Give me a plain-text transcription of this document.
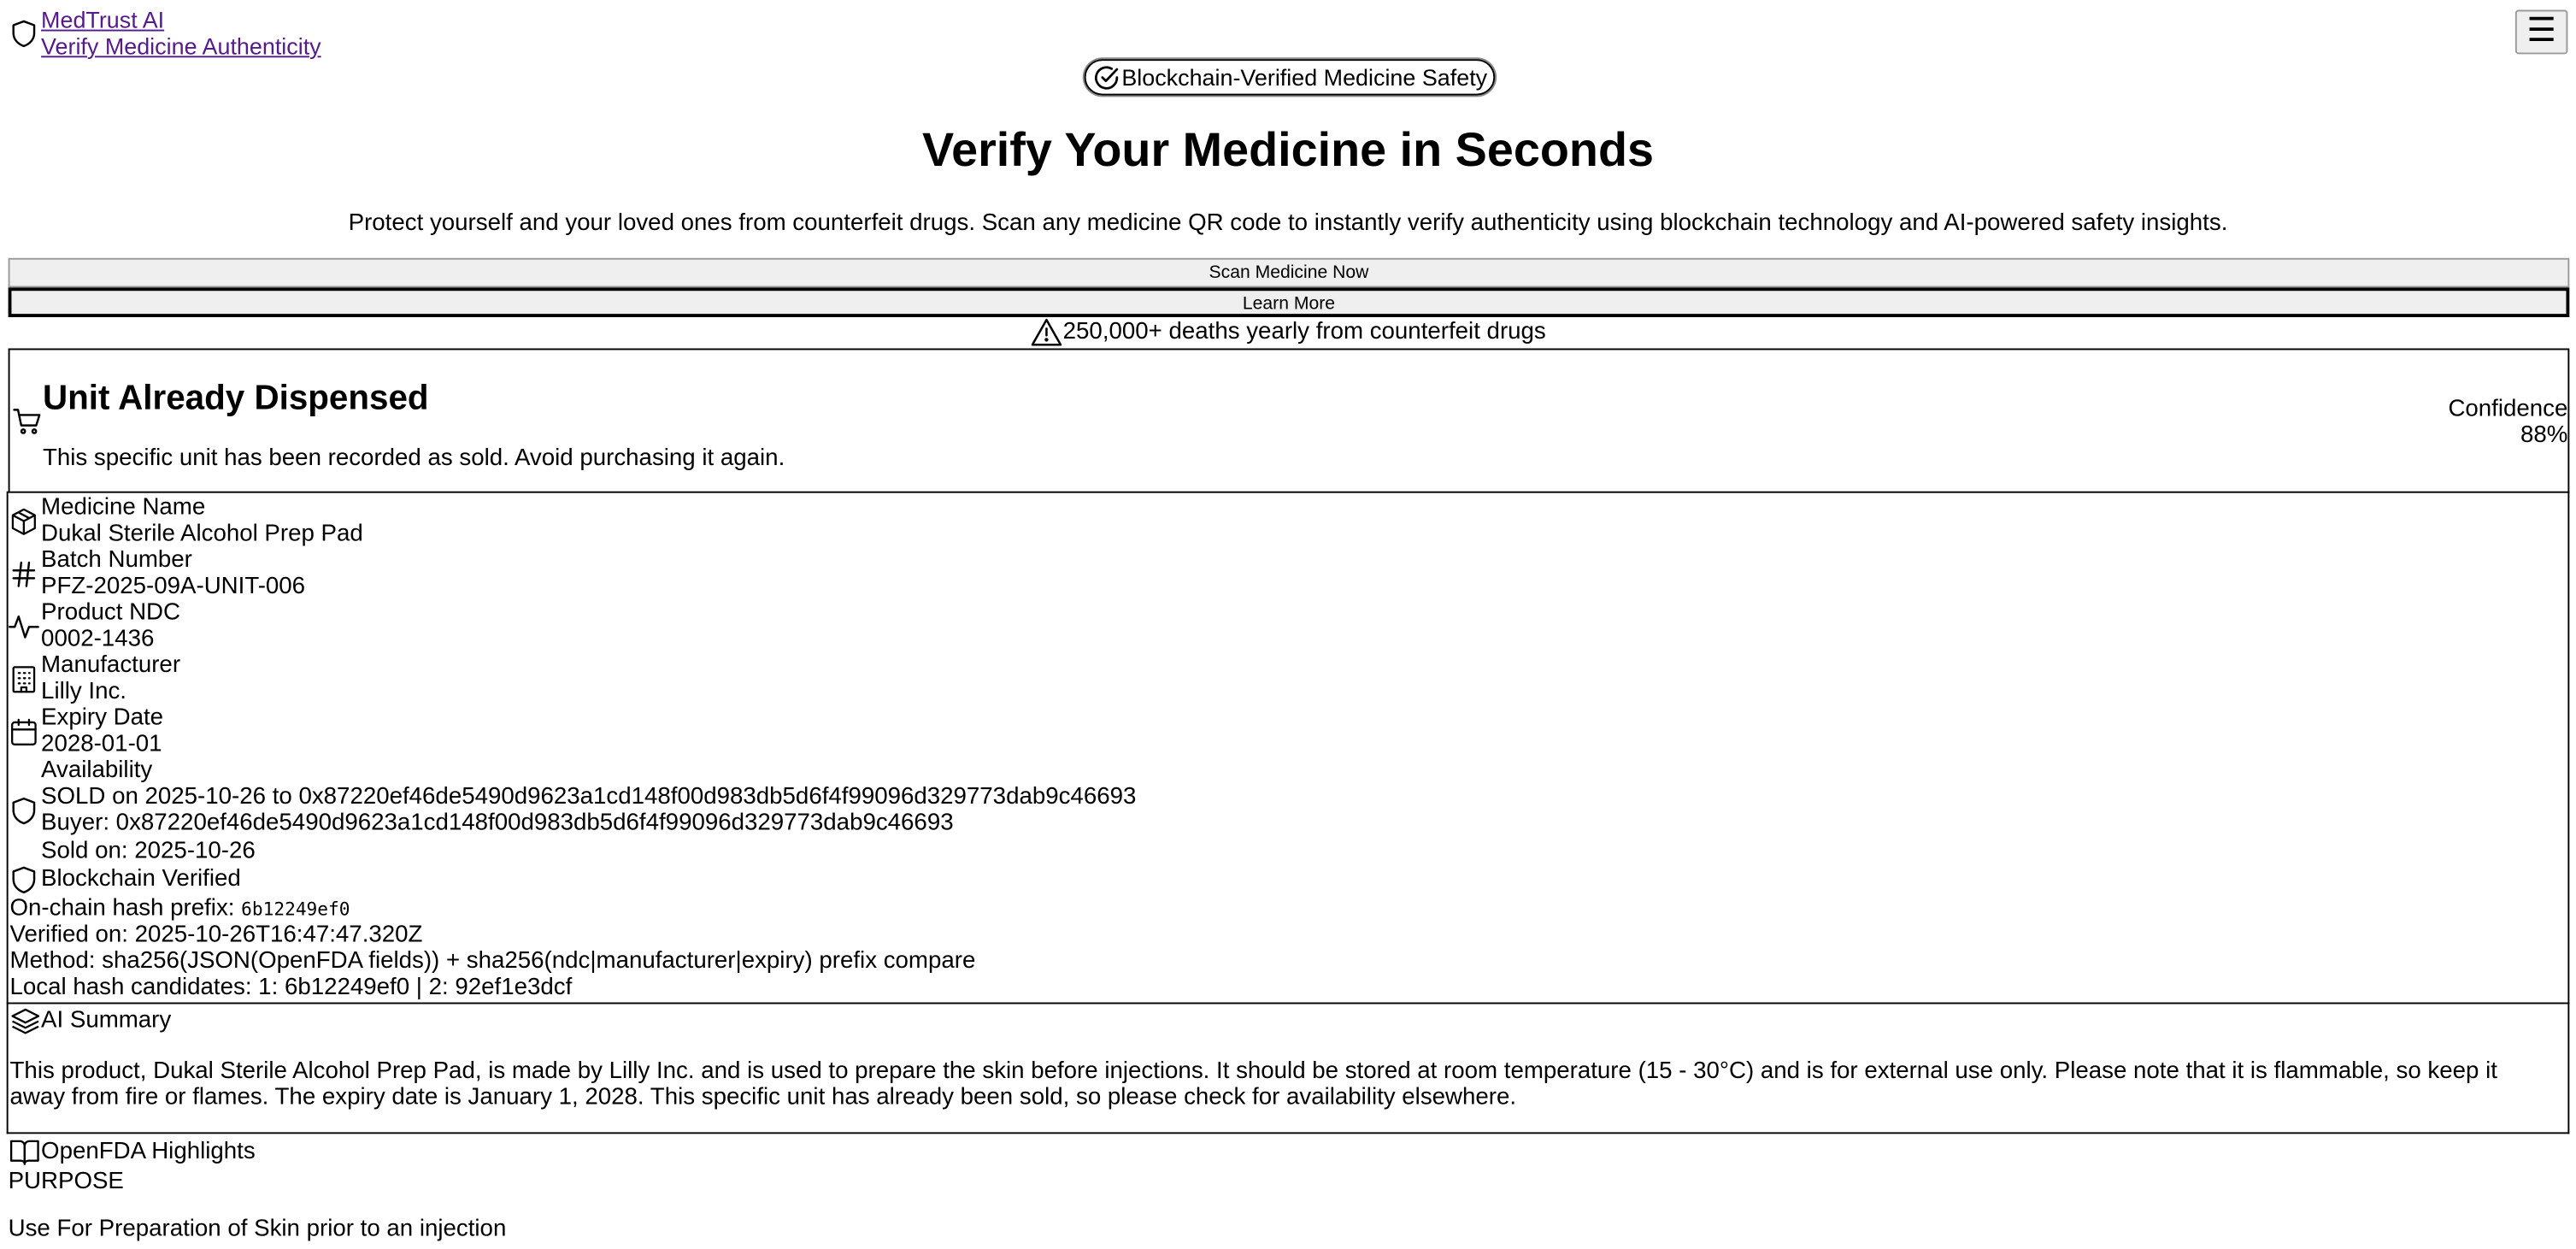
MedTrust AI
Verify Medicine Authenticity	☰
Blockchain-Verified Medicine Safety
Verify Your Medicine in Seconds
Protect yourself and your loved ones from counterfeit drugs. Scan any medicine QR code to instantly verify authenticity using blockchain technology and AI-powered safety insights.
Scan Medicine Now
Learn More
250,000+ deaths yearly from counterfeit drugs
Unit Already Dispensed
This specific unit has been recorded as sold. Avoid purchasing it again.
Confidence
88%
Medicine Name
Dukal Sterile Alcohol Prep Pad
Batch Number
PFZ-2025-09A-UNIT-006
Product NDC
0002-1436
Manufacturer
Lilly Inc.
Expiry Date
2028-01-01
Availability
SOLD on 2025-10-26 to 0x87220ef46de5490d9623a1cd148f00d983db5d6f4f99096d329773dab9c46693
Buyer: 0x87220ef46de5490d9623a1cd148f00d983db5d6f4f99096d329773dab9c46693
Sold on: 2025-10-26
Blockchain Verified
On-chain hash prefix: 6b12249ef0
Verified on: 2025-10-26T16:47:47.320Z
Method: sha256(JSON(OpenFDA fields)) + sha256(ndc|manufacturer|expiry) prefix compare
Local hash candidates: 1: 6b12249ef0 | 2: 92ef1e3dcf
AI Summary
This product, Dukal Sterile Alcohol Prep Pad, is made by Lilly Inc. and is used to prepare the skin before injections. It should be stored at room temperature (15 - 30°C) and is for external use only. Please note that it is flammable, so keep it away from fire or flames. The expiry date is January 1, 2028. This specific unit has already been sold, so please check for availability elsewhere.
OpenFDA Highlights
PURPOSE
Use For Preparation of Skin prior to an injection
